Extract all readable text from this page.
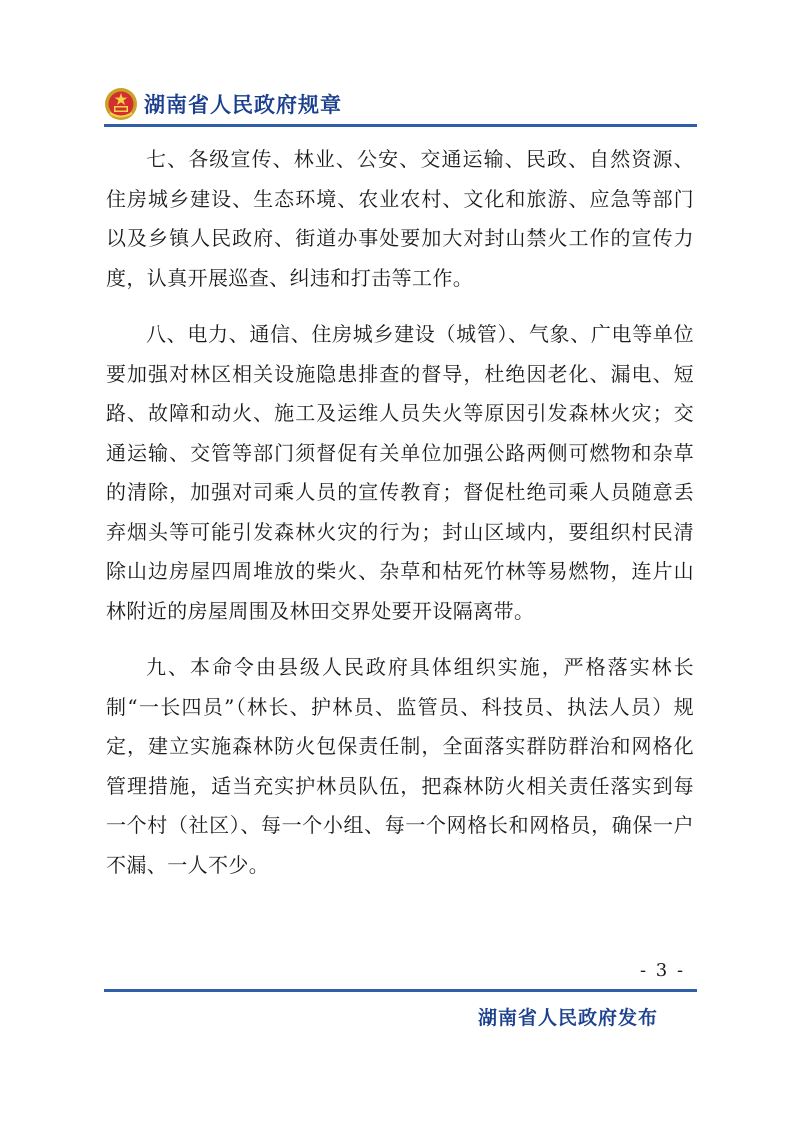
湖南省人民政府规章

七、各级宣传、林业、公安、交通运输、民政、自然资源、住房城乡建设、生态环境、农业农村、文化和旅游、应急等部门以及乡镇人民政府、街道办事处要加大对封山禁火工作的宣传力度，认真开展巡查、纠违和打击等工作。

八、电力、通信、住房城乡建设（城管）、气象、广电等单位要加强对林区相关设施隐患排查的督导，杜绝因老化、漏电、短路、故障和动火、施工及运维人员失火等原因引发森林火灾；交通运输、交管等部门须督促有关单位加强公路两侧可燃物和杂草的清除，加强对司乘人员的宣传教育；督促杜绝司乘人员随意丢弃烟头等可能引发森林火灾的行为；封山区域内，要组织村民清除山边房屋四周堆放的柴火、杂草和枯死竹林等易燃物，连片山林附近的房屋周围及林田交界处要开设隔离带。

九、本命令由县级人民政府具体组织实施，严格落实林长制“一长四员”（林长、护林员、监管员、科技员、执法人员）规定，建立实施森林防火包保责任制，全面落实群防群治和网格化管理措施，适当充实护林员队伍，把森林防火相关责任落实到每一个村（社区）、每一个小组、每一个网格长和网格员，确保一户不漏、一人不少。

- 3 -
湖南省人民政府发布
